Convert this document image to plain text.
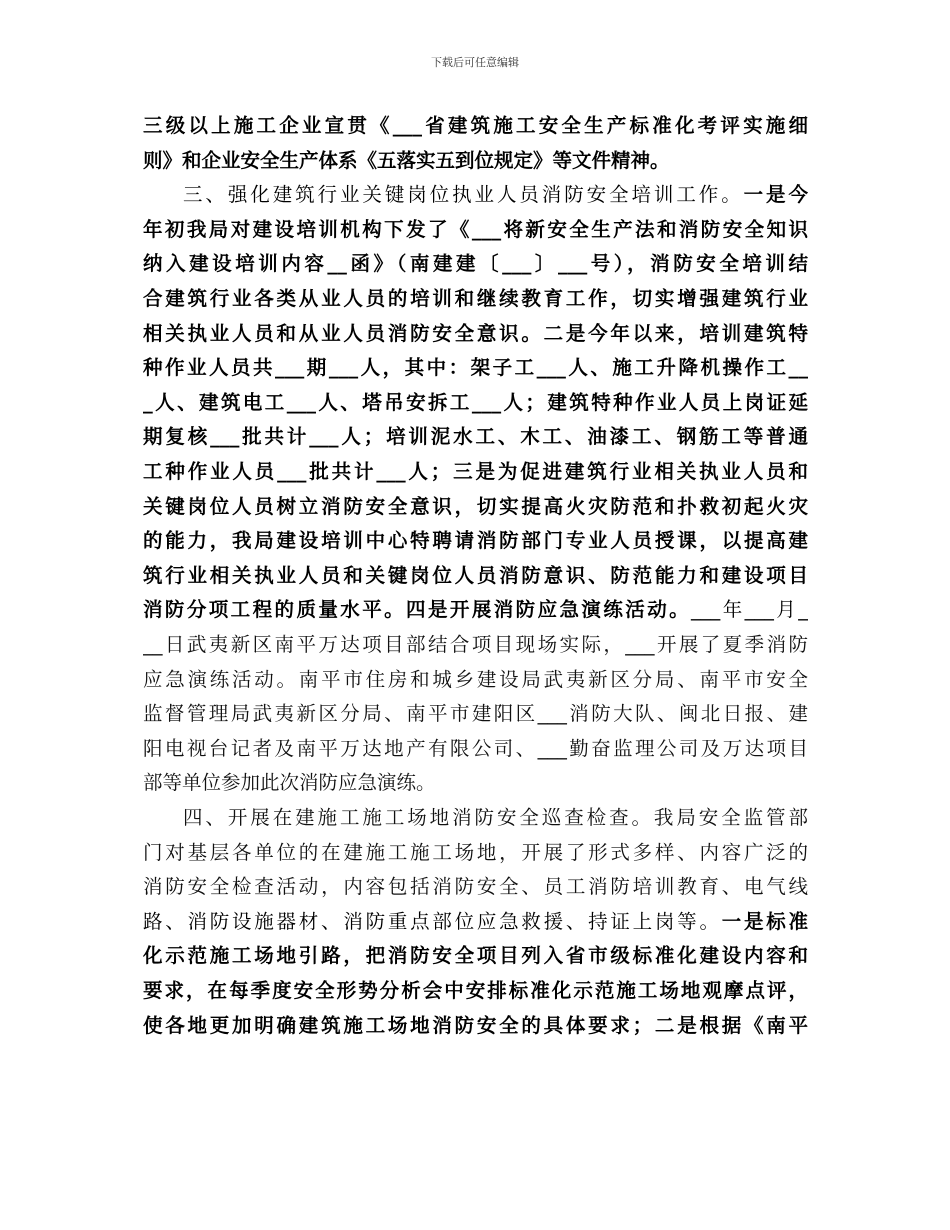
下载后可任意编辑
三级以上施工企业宣贯《___省建筑施工安全生产标准化考评实施细
则》和企业安全生产体系《五落实五到位规定》等文件精神。
三、强化建筑行业关键岗位执业人员消防安全培训工作。一是今
年初我局对建设培训机构下发了《___将新安全生产法和消防安全知识
纳入建设培训内容__函》（南建建〔___〕___号），消防安全培训结
合建筑行业各类从业人员的培训和继续教育工作，切实增强建筑行业
相关执业人员和从业人员消防安全意识。二是今年以来，培训建筑特
种作业人员共___期___人，其中：架子工___人、施工升降机操作工__
_人、建筑电工___人、塔吊安拆工___人；建筑特种作业人员上岗证延
期复核___批共计___人；培训泥水工、木工、油漆工、钢筋工等普通
工种作业人员___批共计___人；三是为促进建筑行业相关执业人员和
关键岗位人员树立消防安全意识，切实提高火灾防范和扑救初起火灾
的能力，我局建设培训中心特聘请消防部门专业人员授课，以提高建
筑行业相关执业人员和关键岗位人员消防意识、防范能力和建设项目
消防分项工程的质量水平。四是开展消防应急演练活动。___年___月_
__日武夷新区南平万达项目部结合项目现场实际，___开展了夏季消防
应急演练活动。南平市住房和城乡建设局武夷新区分局、南平市安全
监督管理局武夷新区分局、南平市建阳区___消防大队、闽北日报、建
阳电视台记者及南平万达地产有限公司、___勤奋监理公司及万达项目
部等单位参加此次消防应急演练。
四、开展在建施工施工场地消防安全巡查检查。我局安全监管部
门对基层各单位的在建施工施工场地，开展了形式多样、内容广泛的
消防安全检查活动，内容包括消防安全、员工消防培训教育、电气线
路、消防设施器材、消防重点部位应急救援、持证上岗等。一是标准
化示范施工场地引路，把消防安全项目列入省市级标准化建设内容和
要求，在每季度安全形势分析会中安排标准化示范施工场地观摩点评，
使各地更加明确建筑施工场地消防安全的具体要求；二是根据《南平
